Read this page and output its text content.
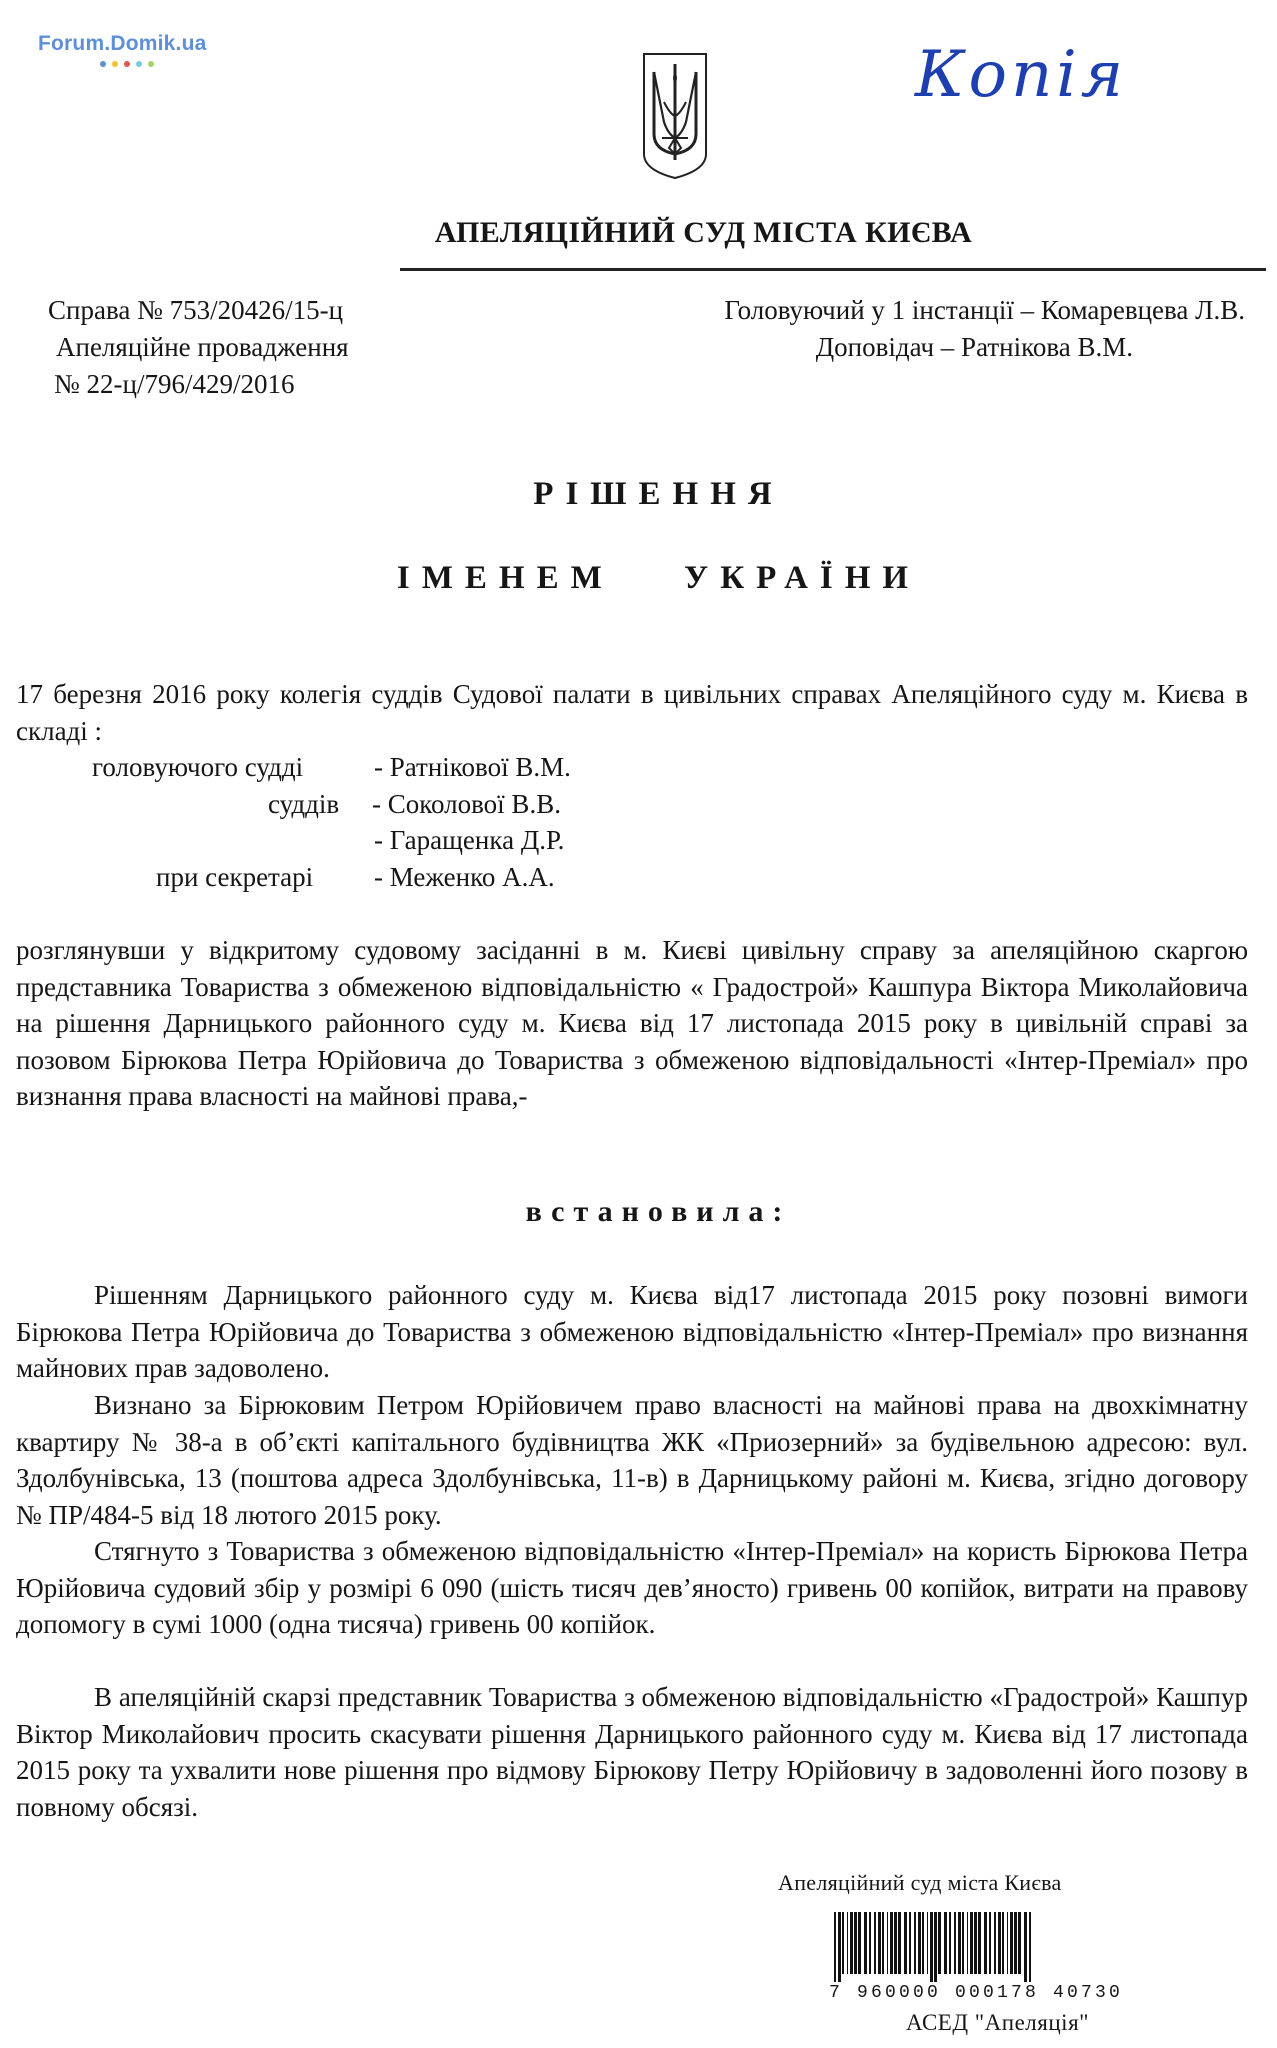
Forum.Domik.ua	Копія
АПЕЛЯЦІЙНИЙ СУД МІСТА КИЄВА
Справа № 753/20426/15-ц
Апеляційне провадження
№ 22-ц/796/429/2016
Головуючий у 1 інстанції – Комаревцева Л.В.
Доповідач – Ратнікова В.М.
РІШЕННЯ
ІМЕНЕМ УКРАЇНИ
17 березня 2016 року колегія суддів Судової палати в цивільних справах Апеляційного суду м. Києва в складі :
головуючого судді	- Ратнікової В.М.
суддів - Соколової В.В.
- Гаращенка Д.Р.
при секретарі - Меженко А.А.
розглянувши у відкритому судовому засіданні в м. Києві цивільну справу за апеляційною скаргою представника Товариства з обмеженою відповідальністю « Градострой» Кашпура Віктора Миколайовича на рішення Дарницького районного суду м. Києва від 17 листопада 2015 року в цивільній справі за позовом Бірюкова Петра Юрійовича до Товариства з обмеженою відповідальності «Інтер-Преміал» про визнання права власності на майнові права,-
встановила:
Рішенням Дарницького районного суду м. Києва від17 листопада 2015 року позовні вимоги Бірюкова Петра Юрійовича до Товариства з обмеженою відповідальністю «Інтер-Преміал» про визнання майнових прав задоволено.
Визнано за Бірюковим Петром Юрійовичем право власності на майнові права на двохкімнатну квартиру № 38-а в об’єкті капітального будівництва ЖК «Приозерний» за будівельною адресою: вул. Здолбунівська, 13 (поштова адреса Здолбунівська, 11-в) в Дарницькому районі м. Києва, згідно договору № ПР/484-5 від 18 лютого 2015 року.
Стягнуто з Товариства з обмеженою відповідальністю «Інтер-Преміал» на користь Бірюкова Петра Юрійовича судовий збір у розмірі 6 090 (шість тисяч дев’яносто) гривень 00 копійок, витрати на правову допомогу в сумі 1000 (одна тисяча) гривень 00 копійок.
В апеляційній скарзі представник Товариства з обмеженою відповідальністю «Градострой» Кашпур Віктор Миколайович просить скасувати рішення Дарницького районного суду м. Києва від 17 листопада 2015 року та ухвалити нове рішення про відмову Бірюкову Петру Юрійовичу в задоволенні його позову в повному обсязі.
Апеляційний суд міста Києва
7 960000 000178 40730
АСЕД "Апеляція"
